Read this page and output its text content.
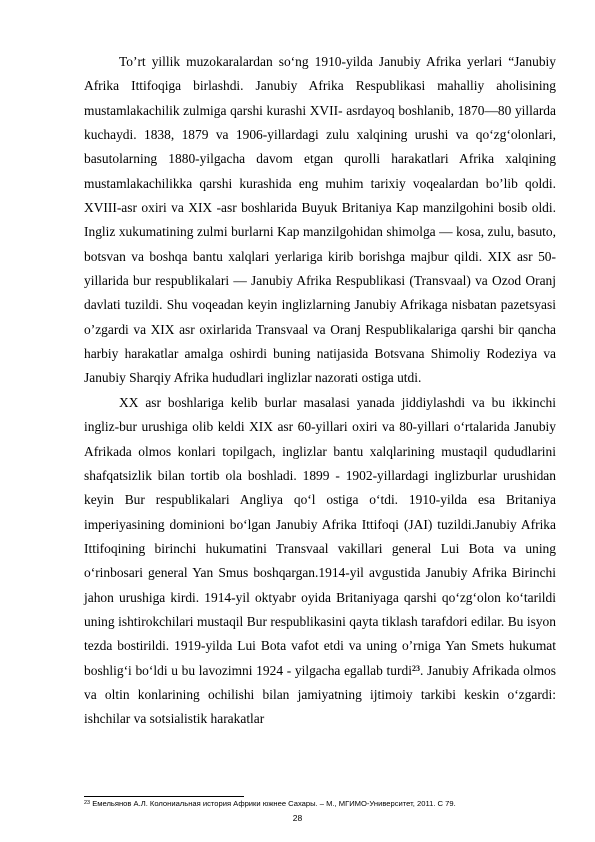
To’rt yillik muzokaralardan so‘ng 1910-yilda Janubiy Afrika yerlari “Janubiy Afrika Ittifoqiga birlashdi. Janubiy Afrika Respublikasi mahalliy aholisining mustamlakachilik zulmiga qarshi kurashi XVII- asrdayoq boshlanib, 1870—80 yillarda kuchaydi. 1838, 1879 va 1906-yillardagi zulu xalqining urushi va qo‘zg‘olonlari, basutolarning 1880-yilgacha davom etgan qurolli harakatlari Afrika xalqining mustamlakachilikka qarshi kurashida eng muhim tarixiy voqealardan bo’lib qoldi. XVIII-asr oxiri va XIX -asr boshlarida Buyuk Britaniya Kap manzilgohini bosib oldi. Ingliz xukumatining zulmi burlarni Kap manzilgohidan shimolga — kosa, zulu, basuto, botsvan va boshqa bantu xalqlari yerlariga kirib borishga majbur qildi. XIX asr 50-yillarida bur respublikalari — Janubiy Afrika Respublikasi (Transvaal) va Ozod Oranj davlati tuzildi. Shu voqeadan keyin inglizlarning Janubiy Afrikaga nisbatan pazetsyasi o’zgardi va XIX asr oxirlarida Transvaal va Oranj Respublikalariga qarshi bir qancha harbiy harakatlar amalga oshirdi buning natijasida Botsvana Shimoliy Rodeziya va Janubiy Sharqiy Afrika hududlari inglizlar nazorati ostiga utdi.

XX asr boshlariga kelib burlar masalasi yanada jiddiylashdi va bu ikkinchi ingliz-bur urushiga olib keldi XIX asr 60-yillari oxiri va 80-yillari o‘rtalarida Janubiy Afrikada olmos konlari topilgach, inglizlar bantu xalqlarining mustaqil qududlarini shafqatsizlik bilan tortib ola boshladi. 1899 - 1902-yillardagi inglizburlar urushidan keyin Bur respublikalari Angliya qo‘l ostiga o‘tdi. 1910-yilda esa Britaniya imperiyasining dominioni bo‘lgan Janubiy Afrika Ittifoqi (JAI) tuzildi.Janubiy Afrika Ittifoqining birinchi hukumatini Transvaal vakillari general Lui Bota va uning o‘rinbosari general Yan Smus boshqargan.1914-yil avgustida Janubiy Afrika Birinchi jahon urushiga kirdi. 1914-yil oktyabr oyida Britaniyaga qarshi qo‘zg‘olon ko‘tarildi uning ishtirokchilari mustaqil Bur respublikasini qayta tiklash tarafdori edilar. Bu isyon tezda bostirildi. 1919-yilda Lui Bota vafot etdi va uning o’rniga Yan Smets hukumat boshlig‘i bo‘ldi u bu lavozimni 1924 - yilgacha egallab turdi$^{23}$. Janubiy Afrikada olmos va oltin konlarining ochilishi bilan jamiyatning ijtimoiy tarkibi keskin o‘zgardi: ishchilar va sotsialistik harakatlar

$^{23}$ Емельянов А.Л. Колониальная история Африки южнее Сахары. – М., МГИМО-Университет, 2011. С 79.

28
